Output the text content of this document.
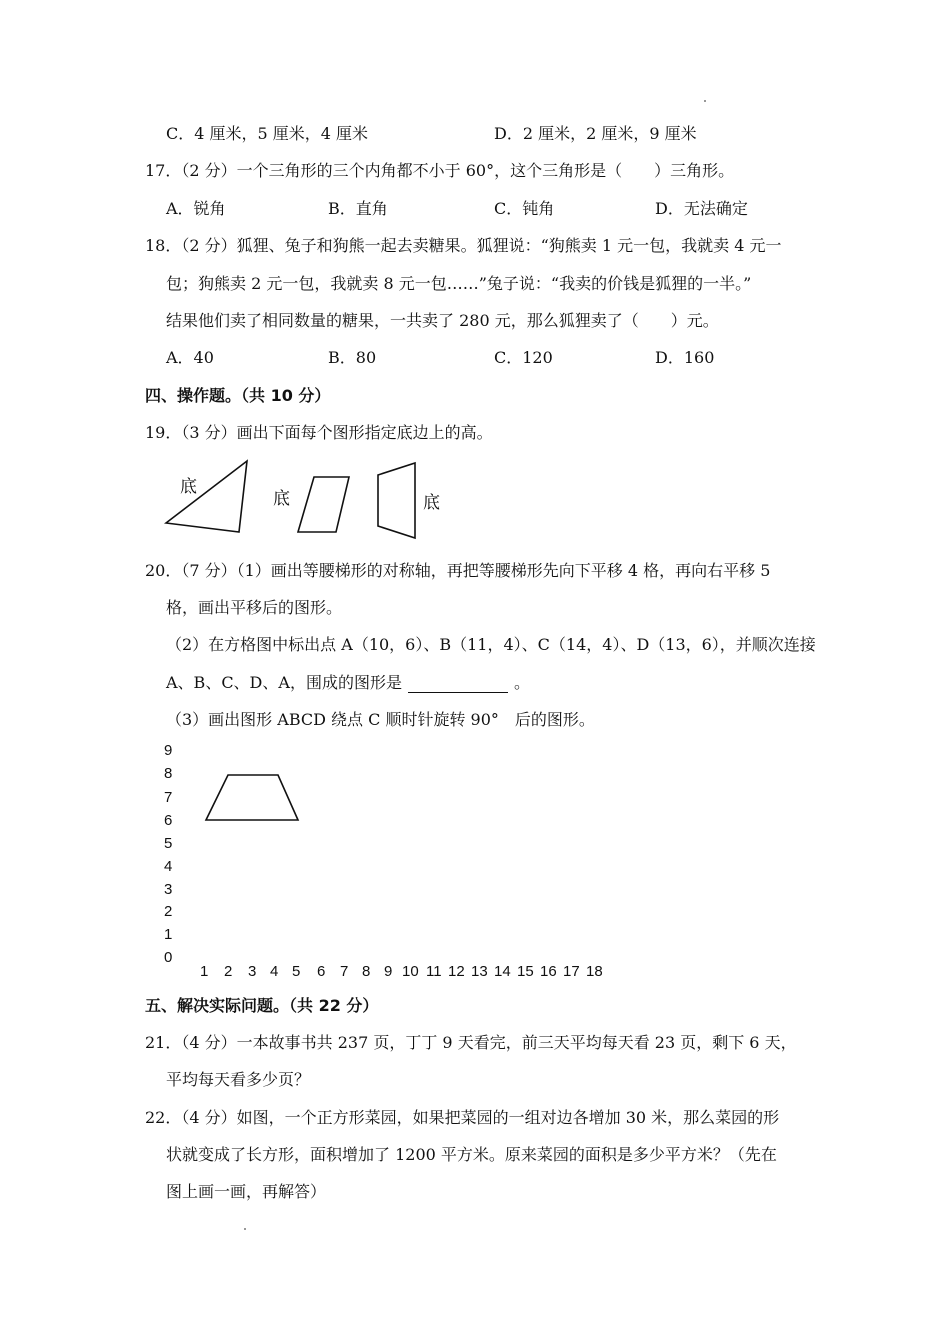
C．4 厘米，5 厘米，4 厘米	D．2 厘米，2 厘米，9 厘米
17．（2 分）一个三角形的三个内角都不小于 60°，这个三角形是（　　）三角形。
A．锐角	B．直角	C．钝角	D．无法确定
18．（2 分）狐狸、兔子和狗熊一起去卖糖果。狐狸说：“狗熊卖 1 元一包，我就卖 4 元一
包；狗熊卖 2 元一包，我就卖 8 元一包……”兔子说：“我卖的价钱是狐狸的一半。”
结果他们卖了相同数量的糖果，一共卖了 280 元，那么狐狸卖了（　　）元。
A．40	B．80	C．120	D．160
四、操作题。（共 10 分）
19．（3 分）画出下面每个图形指定底边上的高。
底
底	底
20．（7 分）（1）画出等腰梯形的对称轴，再把等腰梯形先向下平移 4 格，再向右平移 5
格，画出平移后的图形。
（2）在方格图中标出点 A（10，6）、B（11，4）、C（14，4）、D（13，6），并顺次连接
A、B、C、D、A，围成的图形是	。
（3）画出图形 ABCD 绕点 C 顺时针旋转 90°　后的图形。
9
8
7
6
5
4
3
2
1
0
1 2 3 4 5 6 7 8 9 10 11 12 13 14 15 16 17 18
五、解决实际问题。（共 22 分）
21．（4 分）一本故事书共 237 页，丁丁 9 天看完，前三天平均每天看 23 页，剩下 6 天，
平均每天看多少页？
22．（4 分）如图，一个正方形菜园，如果把菜园的一组对边各增加 30 米，那么菜园的形
状就变成了长方形，面积增加了 1200 平方米。原来菜园的面积是多少平方米？（先在
图上画一画，再解答）
